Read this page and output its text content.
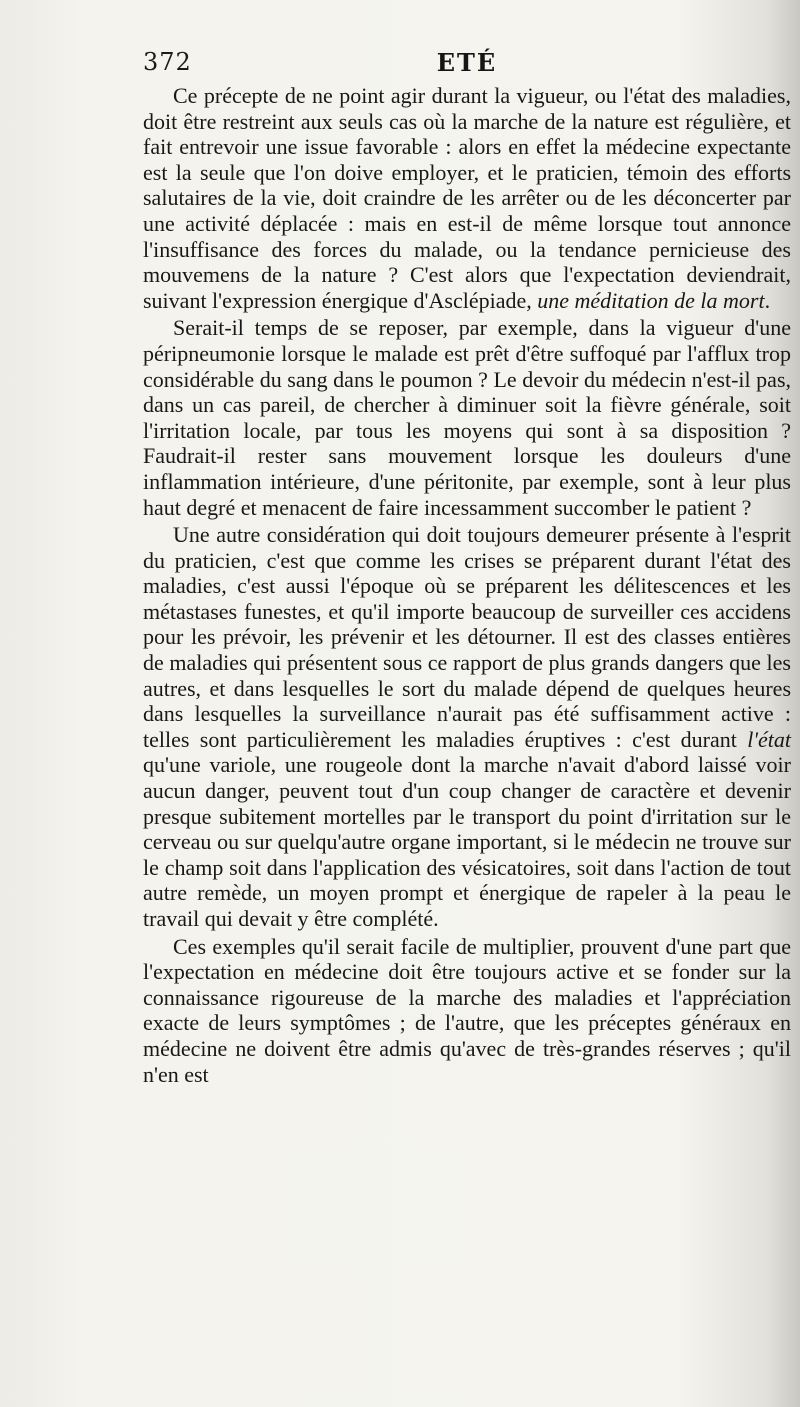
372	ETÉ

Ce précepte de ne point agir durant la vigueur, ou l'état des maladies, doit être restreint aux seuls cas où la marche de la nature est régulière, et fait entrevoir une issue favorable : alors en effet la médecine expectante est la seule que l'on doive employer, et le praticien, témoin des efforts salutaires de la vie, doit craindre de les arrêter ou de les déconcerter par une activité déplacée : mais en est-il de même lorsque tout annonce l'insuffisance des forces du malade, ou la tendance pernicieuse des mouvemens de la nature ? C'est alors que l'expectation deviendrait, suivant l'expression énergique d'Asclépiade, une méditation de la mort.

Serait-il temps de se reposer, par exemple, dans la vigueur d'une péripneumonie lorsque le malade est prêt d'être suffoqué par l'afflux trop considérable du sang dans le poumon ? Le devoir du médecin n'est-il pas, dans un cas pareil, de chercher à diminuer soit la fièvre générale, soit l'irritation locale, par tous les moyens qui sont à sa disposition ? Faudrait-il rester sans mouvement lorsque les douleurs d'une inflammation intérieure, d'une péritonite, par exemple, sont à leur plus haut degré et menacent de faire incessamment succomber le patient ?

Une autre considération qui doit toujours demeurer présente à l'esprit du praticien, c'est que comme les crises se préparent durant l'état des maladies, c'est aussi l'époque où se préparent les délitescences et les métastases funestes, et qu'il importe beaucoup de surveiller ces accidens pour les prévoir, les prévenir et les détourner. Il est des classes entières de maladies qui présentent sous ce rapport de plus grands dangers que les autres, et dans lesquelles le sort du malade dépend de quelques heures dans lesquelles la surveillance n'aurait pas été suffisamment active : telles sont particulièrement les maladies éruptives : c'est durant l'état qu'une variole, une rougeole dont la marche n'avait d'abord laissé voir aucun danger, peuvent tout d'un coup changer de caractère et devenir presque subitement mortelles par le transport du point d'irritation sur le cerveau ou sur quelqu'autre organe important, si le médecin ne trouve sur le champ soit dans l'application des vésicatoires, soit dans l'action de tout autre remède, un moyen prompt et énergique de rapeler à la peau le travail qui devait y être complété.

Ces exemples qu'il serait facile de multiplier, prouvent d'une part que l'expectation en médecine doit être toujours active et se fonder sur la connaissance rigoureuse de la marche des maladies et l'appréciation exacte de leurs symptômes ; de l'autre, que les préceptes généraux en médecine ne doivent être admis qu'avec de très-grandes réserves ; qu'il n'en est
